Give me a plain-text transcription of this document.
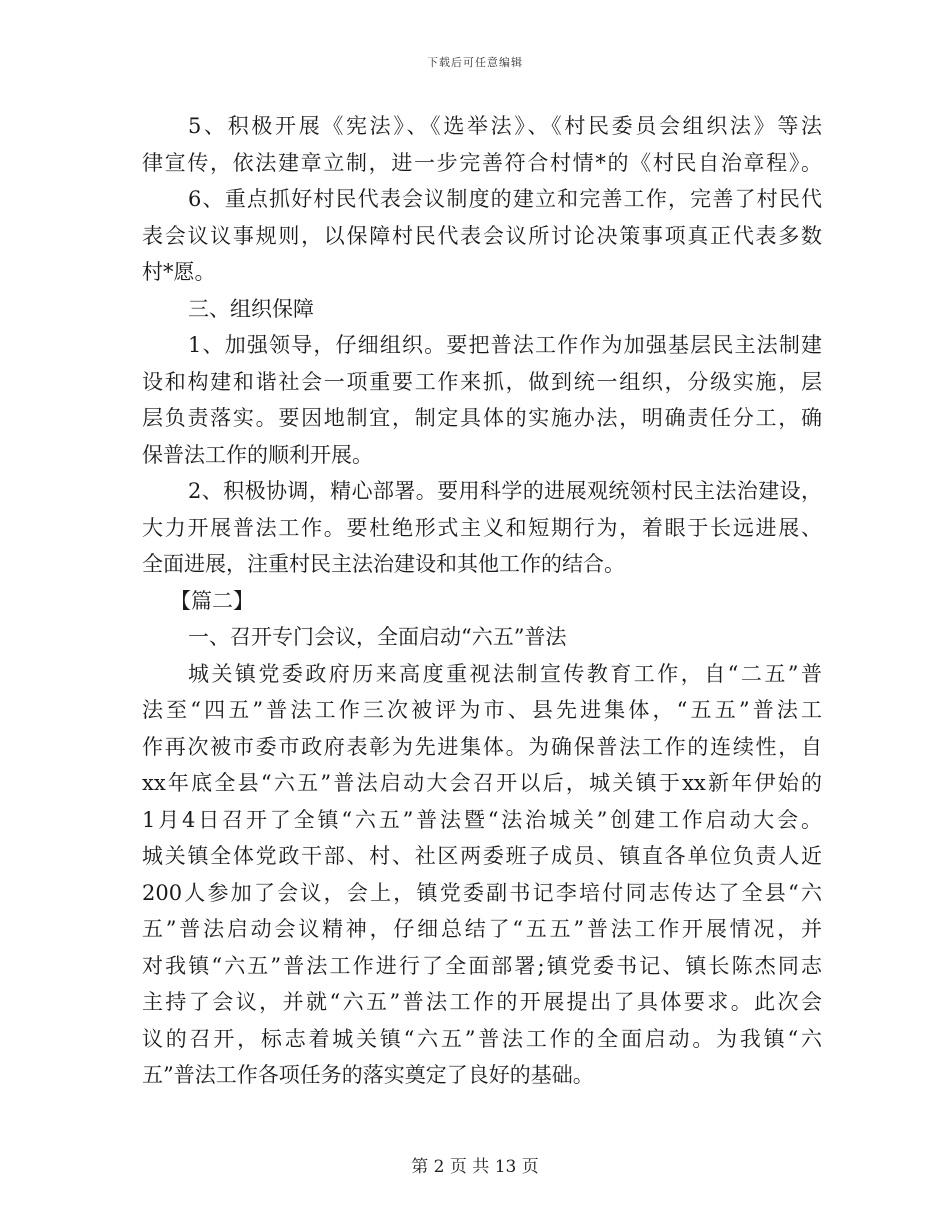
下载后可任意编辑
5、积极开展《宪法》、《选举法》、《村民委员会组织法》等法
律宣传，依法建章立制，进一步完善符合村情*的《村民自治章程》。
6、重点抓好村民代表会议制度的建立和完善工作，完善了村民代
表会议议事规则，以保障村民代表会议所讨论决策事项真正代表多数
村*愿。
三、组织保障
1、加强领导，仔细组织。要把普法工作作为加强基层民主法制建
设和构建和谐社会一项重要工作来抓，做到统一组织，分级实施，层
层负责落实。要因地制宜，制定具体的实施办法，明确责任分工，确
保普法工作的顺利开展。
2、积极协调，精心部署。要用科学的进展观统领村民主法治建设，
大力开展普法工作。要杜绝形式主义和短期行为，着眼于长远进展、
全面进展，注重村民主法治建设和其他工作的结合。
【篇二】
一、召开专门会议，全面启动“六五”普法
城关镇党委政府历来高度重视法制宣传教育工作，自“二五”普
法至“四五”普法工作三次被评为市、县先进集体，“五五”普法工
作再次被市委市政府表彰为先进集体。为确保普法工作的连续性，自
xx年底全县“六五”普法启动大会召开以后，城关镇于xx新年伊始的
1月4日召开了全镇“六五”普法暨“法治城关”创建工作启动大会。
城关镇全体党政干部、村、社区两委班子成员、镇直各单位负责人近
200人参加了会议，会上，镇党委副书记李培付同志传达了全县“六
五”普法启动会议精神，仔细总结了“五五”普法工作开展情况，并
对我镇“六五”普法工作进行了全面部署;镇党委书记、镇长陈杰同志
主持了会议，并就“六五”普法工作的开展提出了具体要求。此次会
议的召开，标志着城关镇“六五”普法工作的全面启动。为我镇“六
五”普法工作各项任务的落实奠定了良好的基础。
第 2 页 共 13 页
